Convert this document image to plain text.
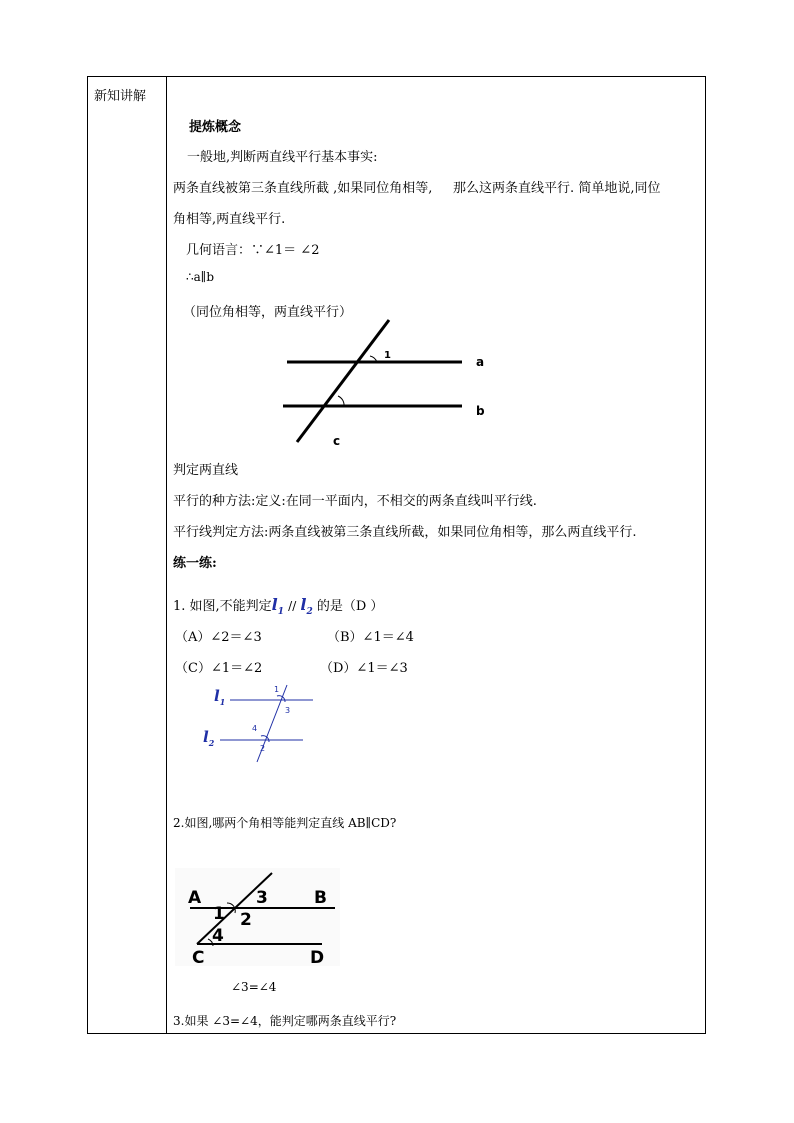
新知讲解
提炼概念
一般地,判断两直线平行基本事实:
两条直线被第三条直线所截 ,如果同位角相等,     那么这两条直线平行. 简单地说,同位
角相等,两直线平行.
几何语言：∵∠1＝ ∠2
∴a∥b
（同位角相等，两直线平行）
1	a
b
c
判定两直线
平行的种方法:定义:在同一平面内，不相交的两条直线叫平行线.
平行线判定方法:两条直线被第三条直线所截，如果同位角相等，那么两直线平行.
练一练:
1. 如图,不能判定$l_1 // l_2$ 的是（D ）
（A）∠2＝∠3	（B）∠1＝∠4
（C）∠1＝∠2	（D）∠1＝∠3
$l_1$
$l_2$
1
3
4
2
2.如图,哪两个角相等能判定直线 AB∥CD?
A	B
C	D
3
1 2
4
∠3=∠4
3.如果 ∠3=∠4，能判定哪两条直线平行?
